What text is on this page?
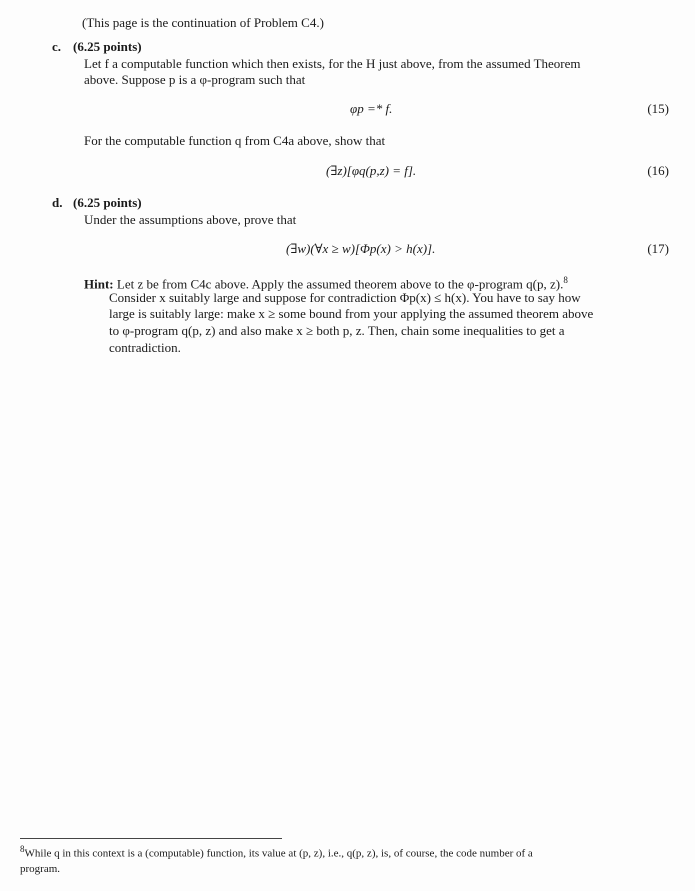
(This page is the continuation of Problem C4.)
c. (6.25 points)
Let f a computable function which then exists, for the H just above, from the assumed Theorem
above. Suppose p is a φ-program such that
φp =* f.	(15)
For the computable function q from C4a above, show that
(∃z)[φq(p,z) = f].	(16)
d. (6.25 points)
Under the assumptions above, prove that
(∃w)(∀x ≥ w)[Φp(x) > h(x)].	(17)
Hint: Let z be from C4c above. Apply the assumed theorem above to the φ-program q(p, z).$^8$
Consider x suitably large and suppose for contradiction Φp(x) ≤ h(x). You have to say how
large is suitably large: make x ≥ some bound from your applying the assumed theorem above
to φ-program q(p, z) and also make x ≥ both p, z. Then, chain some inequalities to get a
contradiction.
$^8$While q in this context is a (computable) function, its value at (p, z), i.e., q(p, z), is, of course, the code number of a
program.
